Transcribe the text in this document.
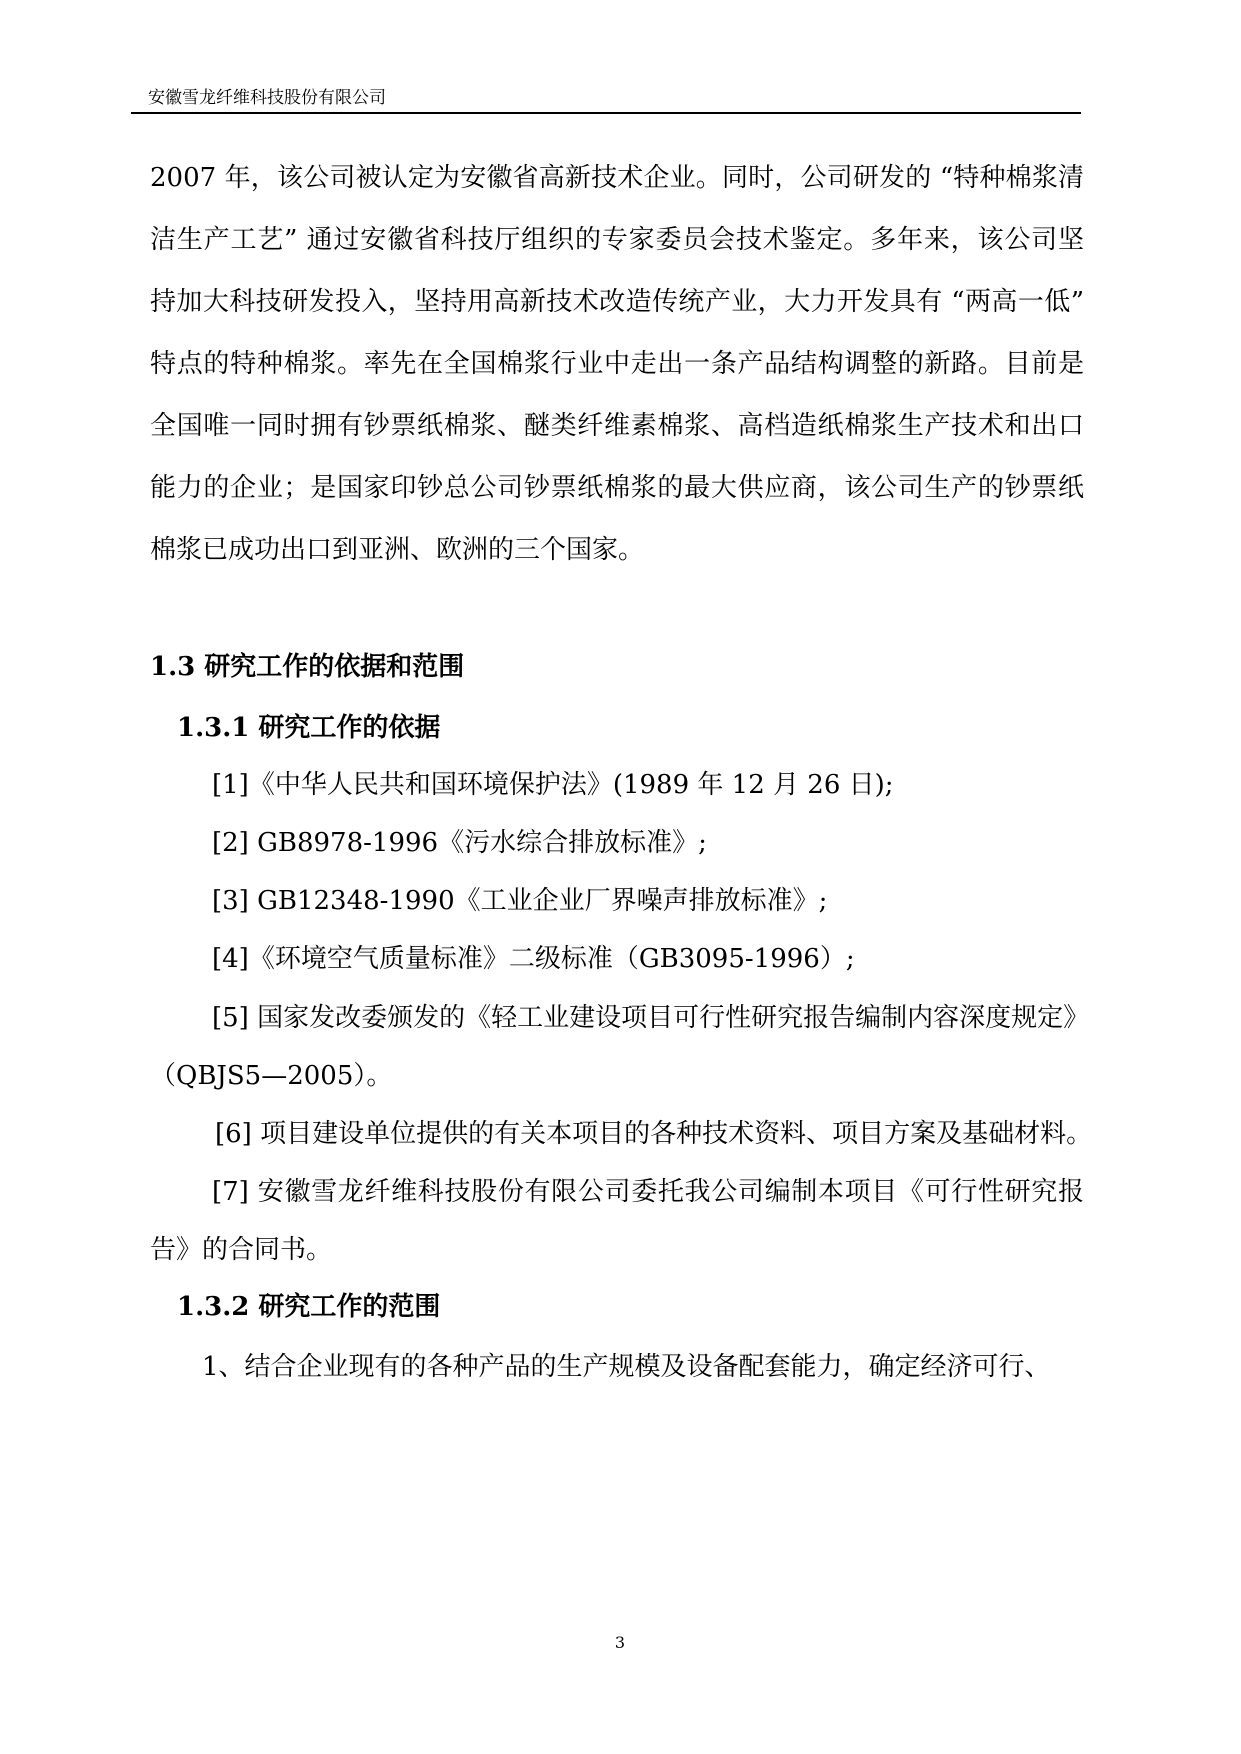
安徽雪龙纤维科技股份有限公司
2007 年，该公司被认定为安徽省高新技术企业。同时，公司研发的 “特种棉浆清
洁生产工艺” 通过安徽省科技厅组织的专家委员会技术鉴定。多年来，该公司坚
持加大科技研发投入，坚持用高新技术改造传统产业，大力开发具有 “两高一低”
特点的特种棉浆。率先在全国棉浆行业中走出一条产品结构调整的新路。目前是
全国唯一同时拥有钞票纸棉浆、醚类纤维素棉浆、高档造纸棉浆生产技术和出口
能力的企业；是国家印钞总公司钞票纸棉浆的最大供应商，该公司生产的钞票纸
棉浆已成功出口到亚洲、欧洲的三个国家。
1.3 研究工作的依据和范围
1.3.1 研究工作的依据
[1]《中华人民共和国环境保护法》(1989 年 12 月 26 日);
[2] GB8978-1996《污水综合排放标准》;
[3] GB12348-1990《工业企业厂界噪声排放标准》;
[4]《环境空气质量标准》二级标准（GB3095-1996）;
[5] 国家发改委颁发的《轻工业建设项目可行性研究报告编制内容深度规定》
（QBJS5—2005）。
[6] 项目建设单位提供的有关本项目的各种技术资料、项目方案及基础材料。
[7] 安徽雪龙纤维科技股份有限公司委托我公司编制本项目《可行性研究报
告》的合同书。
1.3.2 研究工作的范围
1、结合企业现有的各种产品的生产规模及设备配套能力，确定经济可行、
3
